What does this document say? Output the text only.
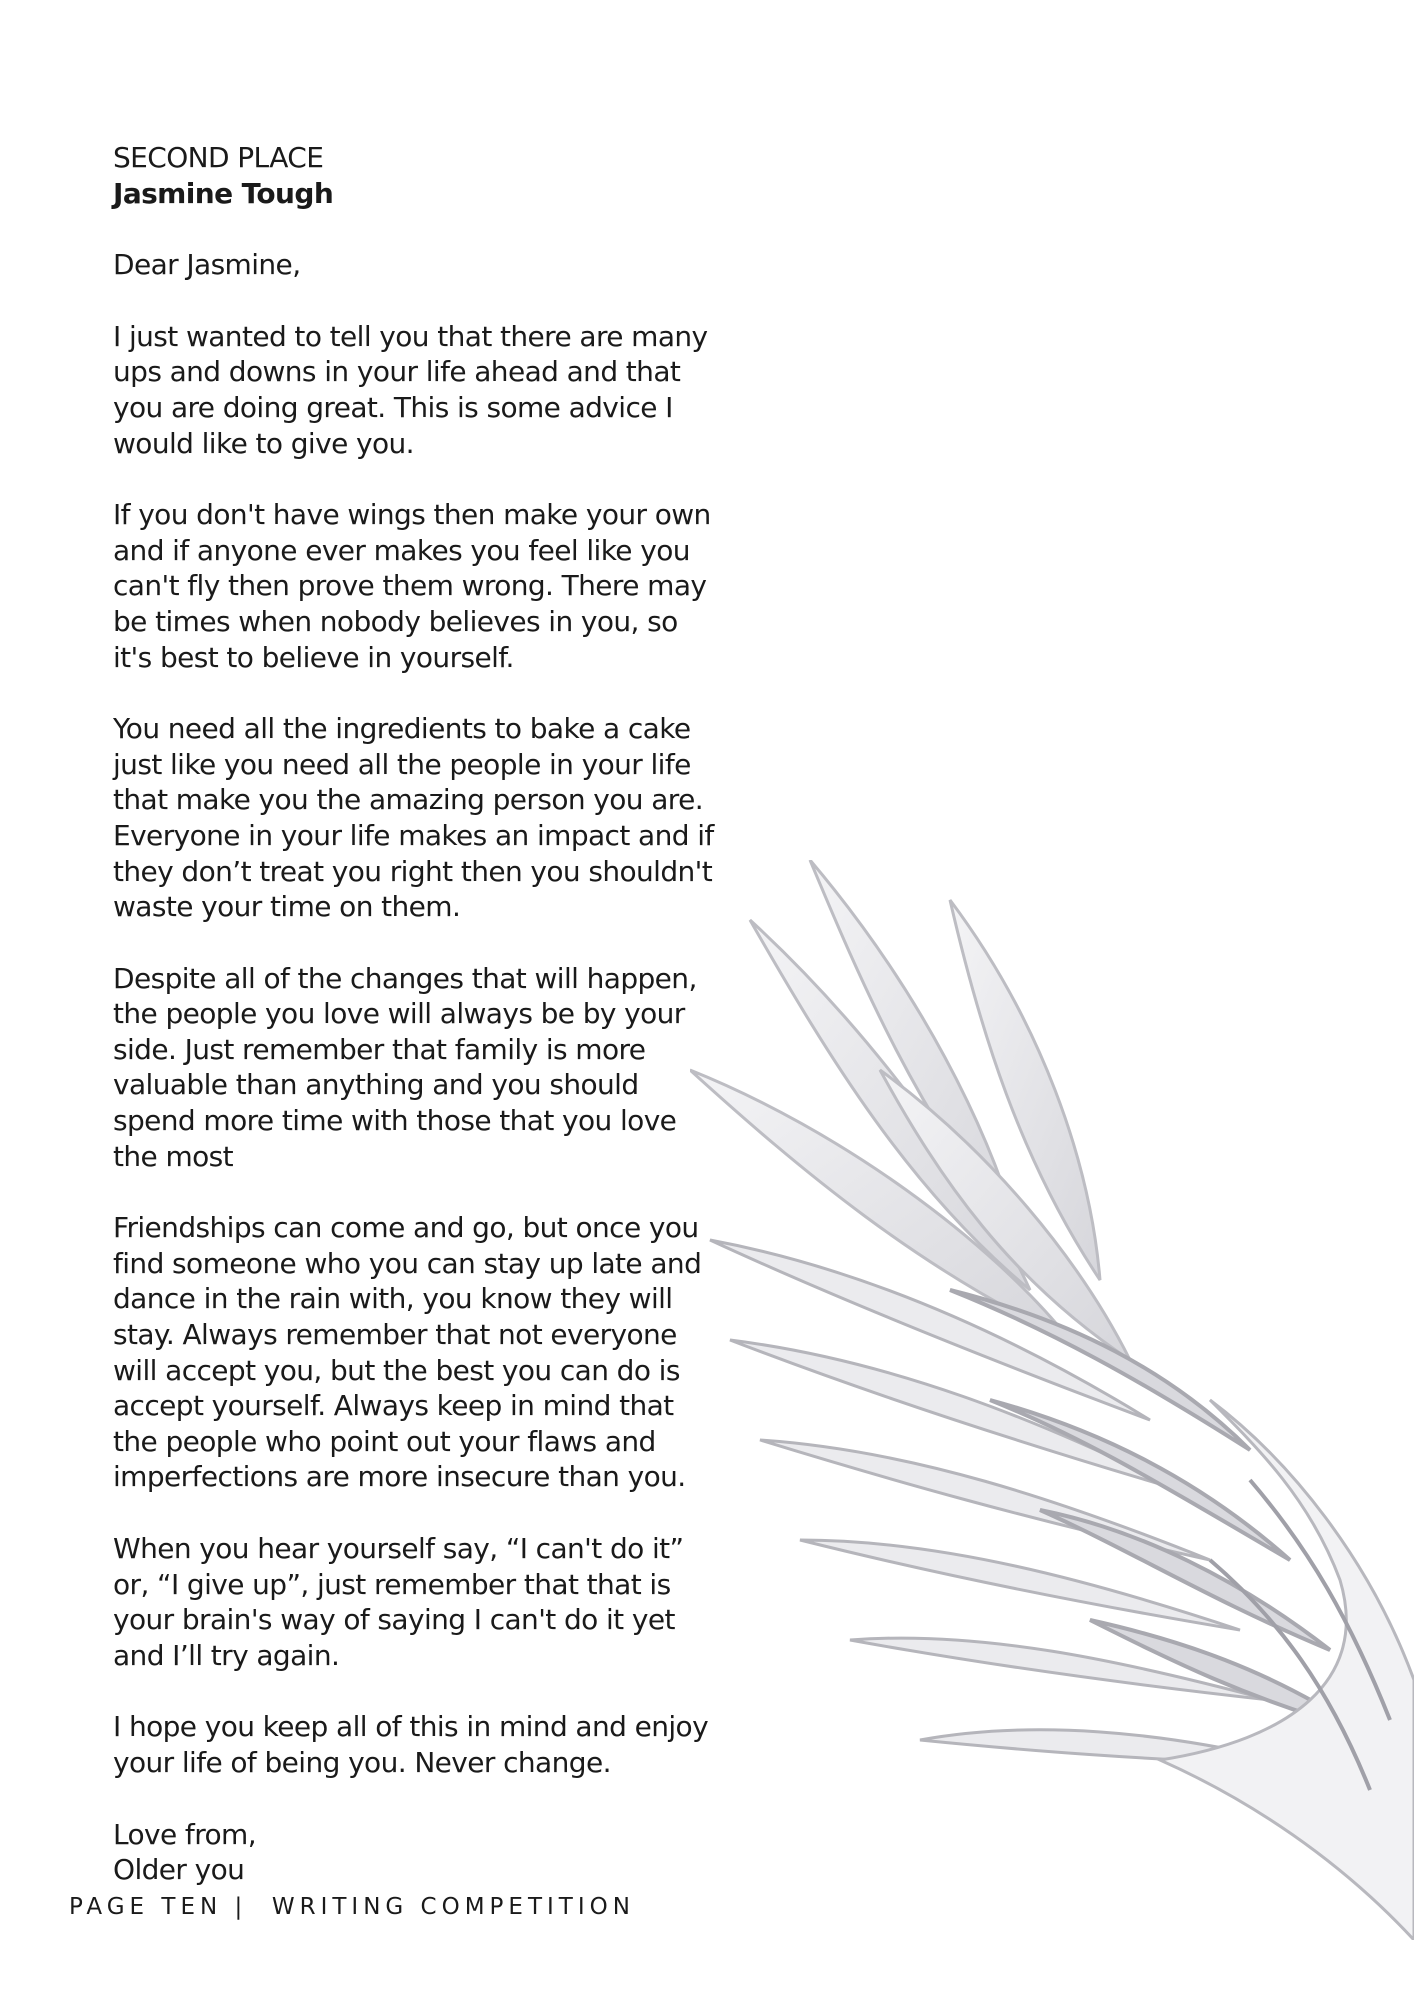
SECOND PLACE

Jasmine Tough

Dear Jasmine,

I just wanted to tell you that there are many ups and downs in your life ahead and that you are doing great. This is some advice I would like to give you.

If you don't have wings then make your own and if anyone ever makes you feel like you can't fly then prove them wrong. There may be times when nobody believes in you, so it's best to believe in yourself.

You need all the ingredients to bake a cake just like you need all the people in your life that make you the amazing person you are. Everyone in your life makes an impact and if they don’t treat you right then you shouldn't waste your time on them.

Despite all of the changes that will happen, the people you love will always be by your side. Just remember that family is more valuable than anything and you should spend more time with those that you love the most

Friendships can come and go, but once you find someone who you can stay up late and dance in the rain with, you know they will stay. Always remember that not everyone will accept you, but the best you can do is accept yourself. Always keep in mind that the people who point out your flaws and imperfections are more insecure than you.

When you hear yourself say, “I can't do it” or, “I give up”, just remember that that is your brain's way of saying I can't do it yet and I’ll try again.

I hope you keep all of this in mind and enjoy your life of being you. Never change.

Love from,

Older you

PAGE TEN |  WRITING COMPETITION
